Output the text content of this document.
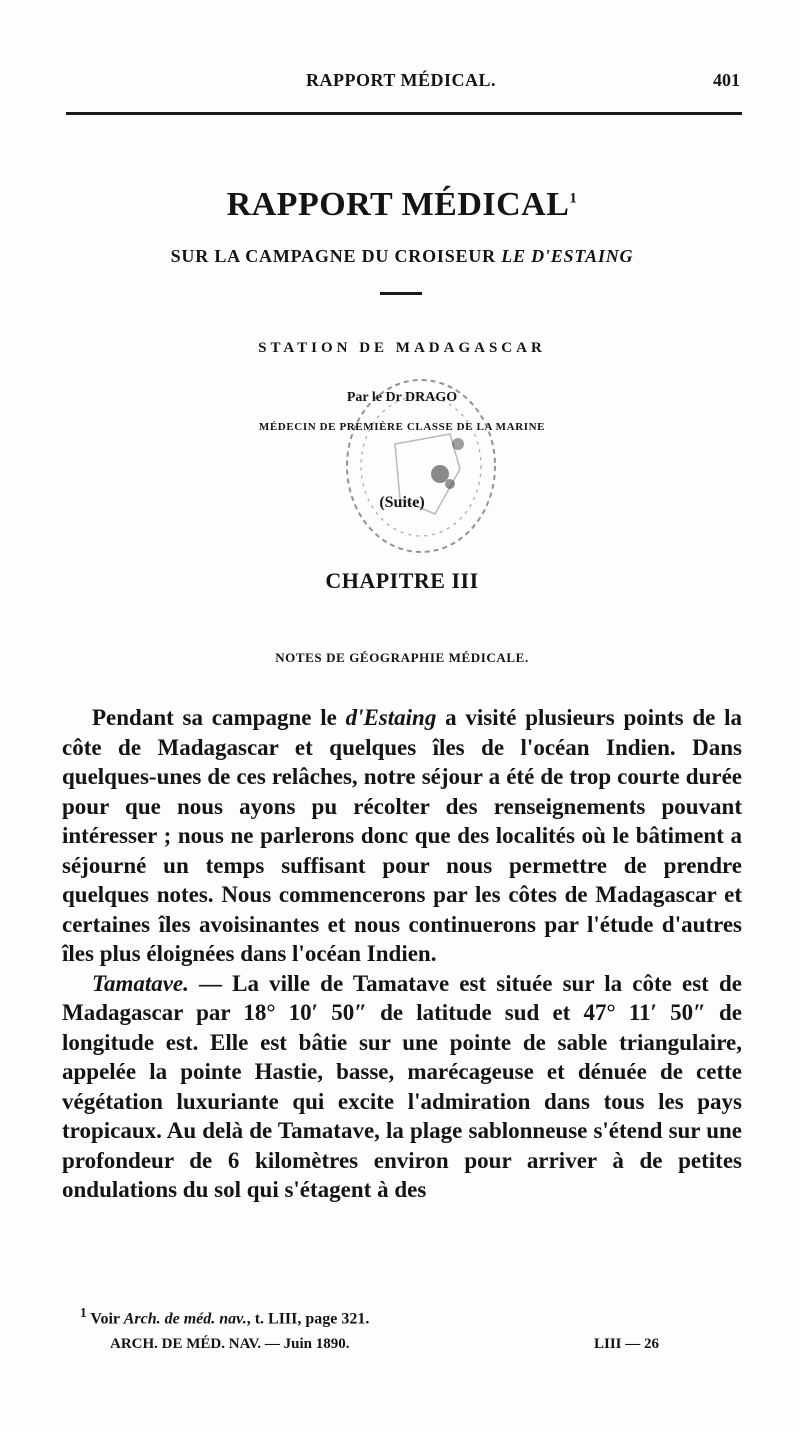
RAPPORT MÉDICAL.	401
RAPPORT MÉDICAL$^1$
SUR LA CAMPAGNE DU CROISEUR LE D'ESTAING
STATION DE MADAGASCAR
Par le Dr DRAGO
MÉDECIN DE PREMIÈRE CLASSE DE LA MARINE
(Suite)
CHAPITRE III
NOTES DE GÉOGRAPHIE MÉDICALE.

Pendant sa campagne le d'Estaing a visité plusieurs points de la côte de Madagascar et quelques îles de l'océan Indien. Dans quelques-unes de ces relâches, notre séjour a été de trop courte durée pour que nous ayons pu récolter des renseignements pouvant intéresser ; nous ne parlerons donc que des localités où le bâtiment a séjourné un temps suffisant pour nous permettre de prendre quelques notes. Nous commencerons par les côtes de Madagascar et certaines îles avoisinantes et nous continuerons par l'étude d'autres îles plus éloignées dans l'océan Indien.

Tamatave. — La ville de Tamatave est située sur la côte est de Madagascar par 18° 10′ 50″ de latitude sud et 47° 11′ 50″ de longitude est. Elle est bâtie sur une pointe de sable triangulaire, appelée la pointe Hastie, basse, marécageuse et dénuée de cette végétation luxuriante qui excite l'admiration dans tous les pays tropicaux. Au delà de Tamatave, la plage sablonneuse s'étend sur une profondeur de 6 kilomètres environ pour arriver à de petites ondulations du sol qui s'étagent à des

$^1$ Voir Arch. de méd. nav., t. LIII, page 321.
ARCH. DE MÉD. NAV. — Juin 1890.	LIII — 26
